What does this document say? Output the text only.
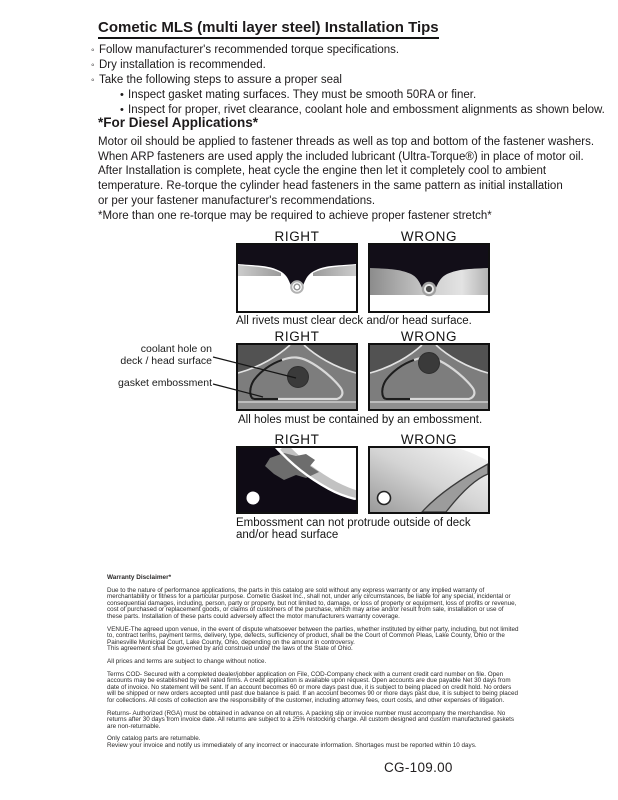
Cometic MLS (multi layer steel) Installation Tips
◦ Follow manufacturer's recommended torque specifications.
◦ Dry installation is recommended.
◦ Take the following steps to assure a proper seal
• Inspect gasket mating surfaces. They must be smooth 50RA or finer.
• Inspect for proper, rivet clearance, coolant hole and embossment alignments as shown below.
*For Diesel Applications*
Motor oil should be applied to fastener threads as well as top and bottom of the fastener washers.
When ARP fasteners are used apply the included lubricant (Ultra-Torque®) in place of motor oil.
After Installation is complete, heat cycle the engine then let it completely cool to ambient
temperature. Re-torque the cylinder head fasteners in the same pattern as initial installation
or per your fastener manufacturer's recommendations.
*More than one re-torque may be required to achieve proper fastener stretch*
RIGHT	WRONG
All rivets must clear deck and/or head surface.
RIGHT	WRONG
coolant hole on
deck / head surface
gasket embossment
All holes must be contained by an embossment.
RIGHT	WRONG
Embossment can not protrude outside of deck
and/or head surface
Warranty Disclaimer*

Due to the nature of performance applications, the parts in this catalog are sold without any express warranty or any implied warranty of merchantability or fitness for a particular purpose. Cometic Gasket Inc., shall not, under any circumstances, be liable for any special, incidental or consequential damages, including, person, party or property, but not limited to, damage, or loss of property or equipment, loss of profits or revenue, cost of purchased or replacement goods, or claims of customers of the purchase, which may arise and/or result from sale, installation or use of these parts. Installation of these parts could adversely affect the motor manufacturers warranty coverage.

VENUE-The agreed upon venue, in the event of dispute whatsoever between the parties, whether instituted by either party, including, but not limited to, contract terms, payment terms, delivery, type, defects, sufficiency of product, shall be the Court of Common Pleas, Lake County, Ohio or the Painesville Municipal Court, Lake County, Ohio, depending on the amount in controversy.

This agreement shall be governed by and construed under the laws of the State of Ohio.

All prices and terms are subject to change without notice.

Terms COD- Secured with a completed dealer/jobber application on File, COD-Company check with a current credit card number on file. Open accounts may be established by well rated firms. A credit application is available upon request. Open accounts are due payable Net 30 days from date of invoice. No statement will be sent. If an account becomes 60 or more days past due, it is subject to being placed on credit hold. No orders will be shipped or new orders accepted until past due balance is paid. If an account becomes 90 or more days past due, it is subject to being placed for collections. All costs of collection are the responsibility of the customer, including attorney fees, court costs, and other expenses of litigation.

Returns- Authorized (RGA) must be obtained in advance on all returns. A packing slip or invoice number must accompany the merchandise. No returns after 30 days from invoice date. All returns are subject to a 25% restocking charge. All custom designed and custom manufactured gaskets are non-returnable.

Only catalog parts are returnable.

Review your invoice and notify us immediately of any incorrect or inaccurate information. Shortages must be reported within 10 days.

CG-109.00
